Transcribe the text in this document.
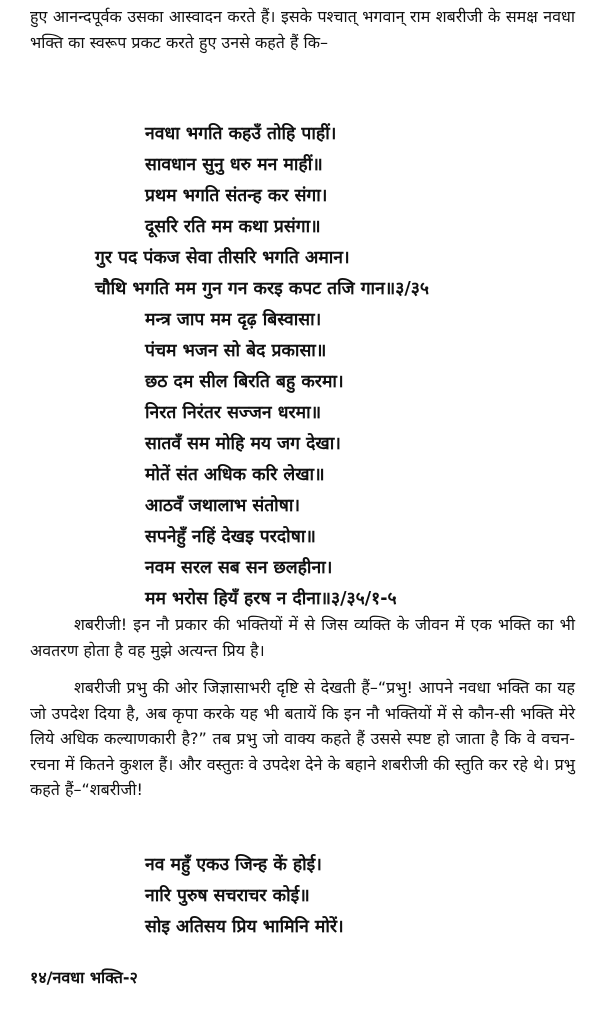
हुए आनन्दपूर्वक उसका आस्वादन करते हैं। इसके पश्चात् भगवान् राम शबरीजी के समक्ष नवधा भक्ति का स्वरूप प्रकट करते हुए उनसे कहते हैं कि–

नवधा भगति कहउँ तोहि पाहीं।
सावधान सुनु धरु मन माहीं॥
प्रथम भगति संतन्ह कर संगा।
दूसरि रति मम कथा प्रसंगा॥
गुर पद पंकज सेवा तीसरि भगति अमान।
चौथि भगति मम गुन गन करइ कपट तजि गान॥३/३५
मन्त्र जाप मम दृढ़ बिस्वासा।
पंचम भजन सो बेद प्रकासा॥
छठ दम सील बिरति बहु करमा।
निरत निरंतर सज्जन धरमा॥
सातवँ सम मोहि मय जग देखा।
मोतें संत अधिक करि लेखा॥
आठवँ जथालाभ संतोषा।
सपनेहुँ नहिं देखइ परदोषा॥
नवम सरल सब सन छलहीना।
मम भरोस हियँ हरष न दीना॥३/३५/१-५

शबरीजी! इन नौ प्रकार की भक्तियों में से जिस व्यक्ति के जीवन में एक भक्ति का भी अवतरण होता है वह मुझे अत्यन्त प्रिय है।

शबरीजी प्रभु की ओर जिज्ञासाभरी दृष्टि से देखती हैं–“प्रभु! आपने नवधा भक्ति का यह जो उपदेश दिया है, अब कृपा करके यह भी बतायें कि इन नौ भक्तियों में से कौन-सी भक्ति मेरे लिये अधिक कल्याणकारी है?” तब प्रभु जो वाक्य कहते हैं उससे स्पष्ट हो जाता है कि वे वचन-रचना में कितने कुशल हैं। और वस्तुतः वे उपदेश देने के बहाने शबरीजी की स्तुति कर रहे थे। प्रभु कहते हैं–“शबरीजी!

नव महुँ एकउ जिन्ह कें होई।
नारि पुरुष सचराचर कोई॥
सोइ अतिसय प्रिय भामिनि मोरें।
१४/नवधा भक्ति-२
